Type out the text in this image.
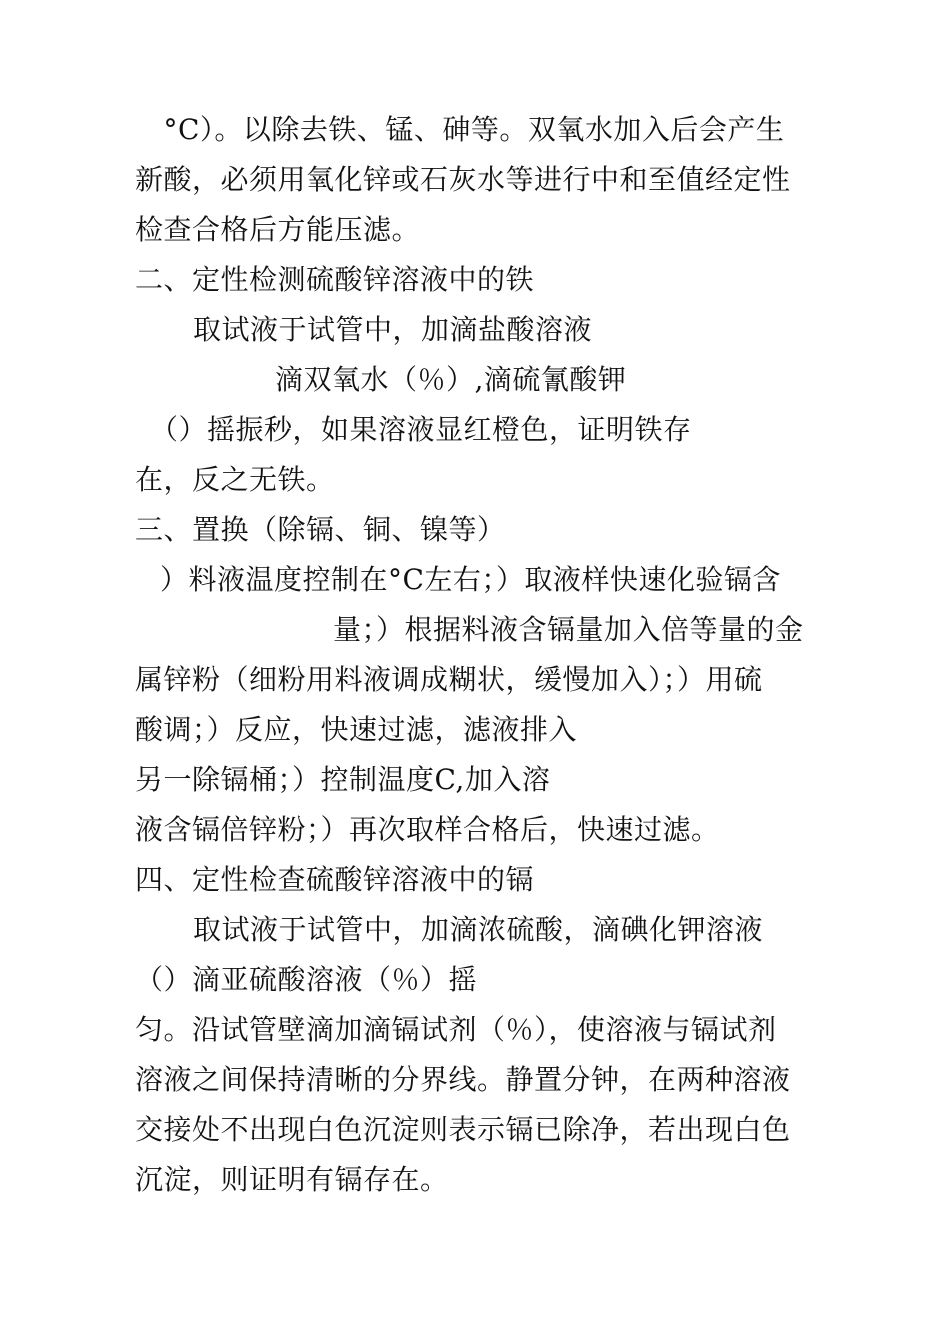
　°C）。以除去铁、锰、砷等。双氧水加入后会产生
新酸，必须用氧化锌或石灰水等进行中和至值经定性
检查合格后方能压滤。
二、定性检测硫酸锌溶液中的铁
取试液于试管中，加滴盐酸溶液
滴双氧水（％）,滴硫氰酸钾
（）摇振秒，如果溶液显红橙色，证明铁存
在，反之无铁。
三、置换（除镉、铜、镍等）
）料液温度控制在°C左右；）取液样快速化验镉含
量；）根据料液含镉量加入倍等量的金
属锌粉（细粉用料液调成糊状，缓慢加入）；）用硫
酸调；）反应，快速过滤，滤液排入
另一除镉桶；）控制温度C,加入溶
液含镉倍锌粉；）再次取样合格后，快速过滤。
四、定性检查硫酸锌溶液中的镉
取试液于试管中，加滴浓硫酸，滴碘化钾溶液
（）滴亚硫酸溶液（％）摇
匀。沿试管壁滴加滴镉试剂（％），使溶液与镉试剂
溶液之间保持清晰的分界线。静置分钟，在两种溶液
交接处不出现白色沉淀则表示镉已除净，若出现白色
沉淀，则证明有镉存在。
